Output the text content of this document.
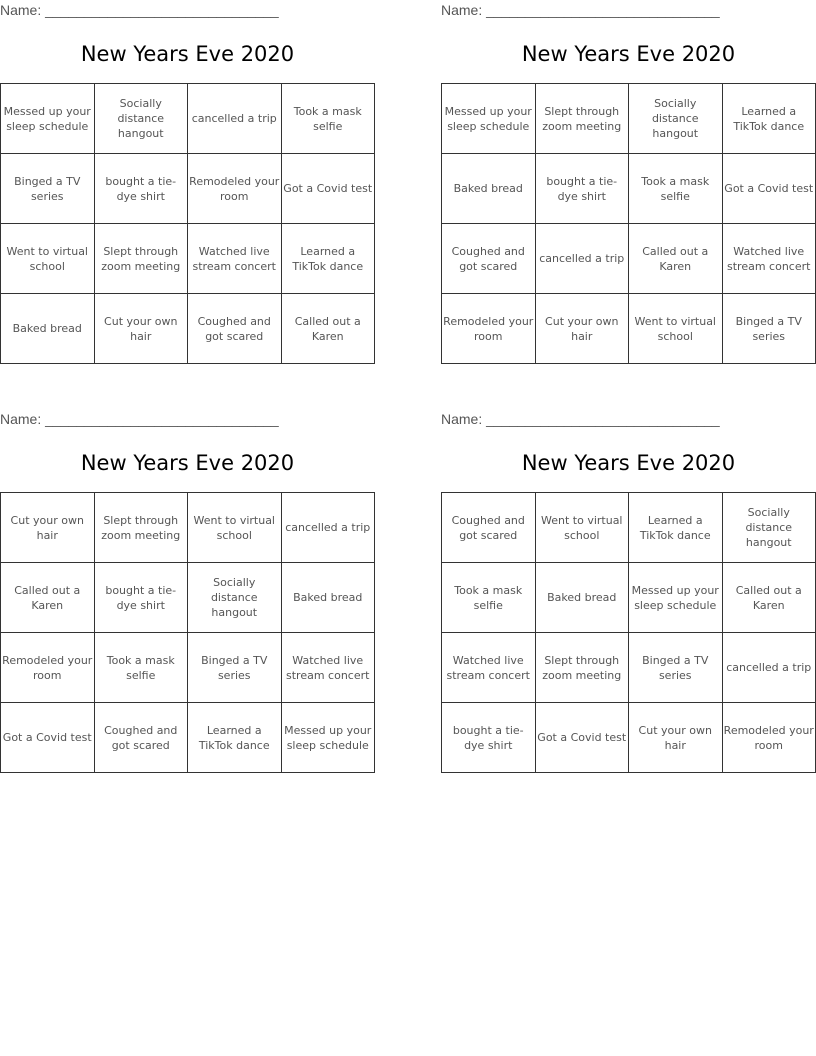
Name: ______________________________
New Years Eve 2020
Messed up your sleep schedule	Socially distance hangout	cancelled a trip	Took a mask selfie
Binged a TV series	bought a tie-dye shirt	Remodeled your room	Got a Covid test
Went to virtual school	Slept through zoom meeting	Watched live stream concert	Learned a TikTok dance
Baked bread	Cut your own hair	Coughed and got scared	Called out a Karen
Name: ______________________________
New Years Eve 2020
Messed up your sleep schedule	Slept through zoom meeting	Socially distance hangout	Learned a TikTok dance
Baked bread	bought a tie-dye shirt	Took a mask selfie	Got a Covid test
Coughed and got scared	cancelled a trip	Called out a Karen	Watched live stream concert
Remodeled your room	Cut your own hair	Went to virtual school	Binged a TV series
Name: ______________________________
New Years Eve 2020
Cut your own hair	Slept through zoom meeting	Went to virtual school	cancelled a trip
Called out a Karen	bought a tie-dye shirt	Socially distance hangout	Baked bread
Remodeled your room	Took a mask selfie	Binged a TV series	Watched live stream concert
Got a Covid test	Coughed and got scared	Learned a TikTok dance	Messed up your sleep schedule
Name: ______________________________
New Years Eve 2020
Coughed and got scared	Went to virtual school	Learned a TikTok dance	Socially distance hangout
Took a mask selfie	Baked bread	Messed up your sleep schedule	Called out a Karen
Watched live stream concert	Slept through zoom meeting	Binged a TV series	cancelled a trip
bought a tie-dye shirt	Got a Covid test	Cut your own hair	Remodeled your room
